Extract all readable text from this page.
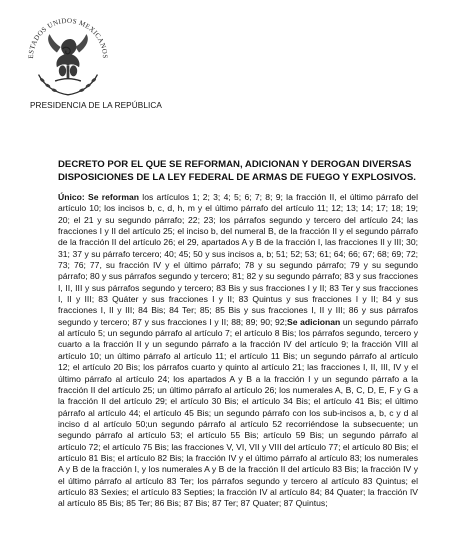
ESTADOS UNIDOS MEXICANOS
PRESIDENCIA DE LA REPÚBLICA
DECRETO POR EL QUE SE REFORMAN, ADICIONAN Y DEROGAN DIVERSAS DISPOSICIONES DE LA LEY FEDERAL DE ARMAS DE FUEGO Y EXPLOSIVOS.
Único: Se reforman los artículos 1; 2; 3; 4; 5; 6; 7; 8; 9; la fracción II, el último párrafo del artículo 10; los incisos b, c, d, h, m y el último párrafo del artículo 11; 12; 13; 14; 17; 18; 19; 20; el 21 y su segundo párrafo; 22; 23; los párrafos segundo y tercero del artículo 24; las fracciones I y II del artículo 25; el inciso b, del numeral B, de la fracción II y el segundo párrafo de la fracción II del artículo 26; el 29, apartados A y B de la fracción I, las fracciones II y III; 30; 31; 37 y su párrafo tercero; 40; 45; 50 y sus incisos a, b; 51; 52; 53; 61; 64; 66; 67; 68; 69; 72; 73; 76; 77, su fracción IV y el último párrafo; 78 y su segundo párrafo; 79 y su segundo párrafo; 80 y sus párrafos segundo y tercero; 81; 82 y su segundo párrafo; 83 y sus fracciones I, II, III y sus párrafos segundo y tercero; 83 Bis y sus fracciones I y II; 83 Ter y sus fracciones I, II y III; 83 Quáter y sus fracciones I y II; 83 Quintus y sus fracciones I y II; 84 y sus fracciones I, II y III; 84 Bis; 84 Ter; 85; 85 Bis y sus fracciones I, II y III; 86 y sus párrafos segundo y tercero; 87 y sus fracciones I y II; 88; 89; 90; 92;Se adicionan un segundo párrafo al artículo 5; un segundo párrafo al artículo 7; el artículo 8 Bis; los párrafos segundo, tercero y cuarto a la fracción II y un segundo párrafo a la fracción IV del artículo 9; la fracción VIII al artículo 10; un último párrafo al artículo 11; el artículo 11 Bis; un segundo párrafo al artículo 12; el artículo 20 Bis; los párrafos cuarto y quinto al artículo 21; las fracciones I, II, III, IV y el último párrafo al artículo 24; los apartados A y B a la fracción I y un segundo párrafo a la fracción II del artículo 25; un último párrafo al artículo 26; los numerales A, B, C, D, E, F y G a la fracción II del artículo 29; el artículo 30 Bis; el artículo 34 Bis; el artículo 41 Bis; el último párrafo al artículo 44; el artículo 45 Bis; un segundo párrafo con los sub-incisos a, b, c y d al inciso d al artículo 50;un segundo párrafo al artículo 52 recorriéndose la subsecuente; un segundo párrafo al artículo 53; el artículo 55 Bis; artículo 59 Bis; un segundo párrafo al artículo 72; el artículo 75 Bis; las fracciones V, VI, VII y VIII del artículo 77; el artículo 80 Bis; el artículo 81 Bis; el artículo 82 Bis; la fracción IV y el último párrafo al artículo 83; los numerales A y B de la fracción I, y los numerales A y B de la fracción II del artículo 83 Bis; la fracción IV y el último párrafo al artículo 83 Ter; los párrafos segundo y tercero al artículo 83 Quintus; el artículo 83 Sexies; el artículo 83 Septies; la fracción IV al artículo 84; 84 Quater; la fracción IV al artículo 85 Bis; 85 Ter; 86 Bis; 87 Bis; 87 Ter; 87 Quater; 87 Quintus;
